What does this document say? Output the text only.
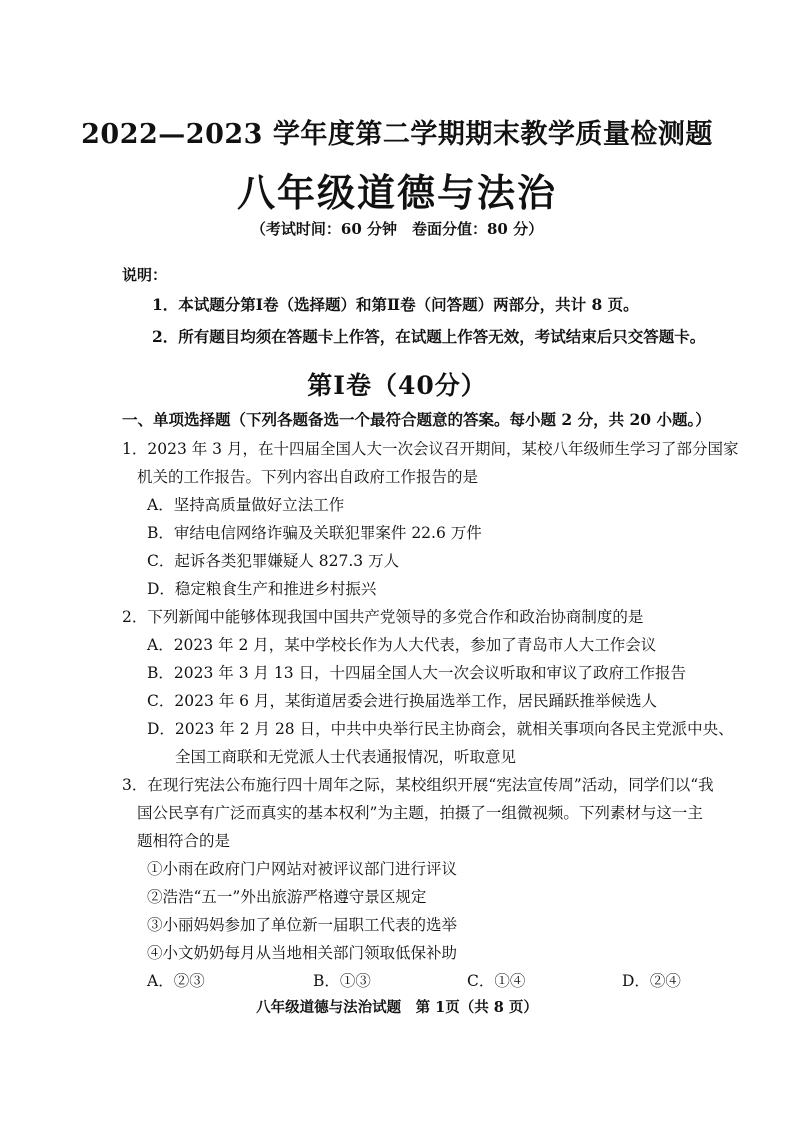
2022—2023 学年度第二学期期末教学质量检测题
八年级道德与法治
（考试时间：60 分钟　卷面分值：80 分）
说明：
1．本试题分第Ⅰ卷（选择题）和第Ⅱ卷（问答题）两部分，共计 8 页。
2．所有题目均须在答题卡上作答，在试题上作答无效，考试结束后只交答题卡。
第Ⅰ卷（40分）
一、单项选择题（下列各题备选一个最符合题意的答案。每小题 2 分，共 20 小题。）
1．2023 年 3 月，在十四届全国人大一次会议召开期间，某校八年级师生学习了部分国家
机关的工作报告。下列内容出自政府工作报告的是
A．坚持高质量做好立法工作
B．审结电信网络诈骗及关联犯罪案件 22.6 万件
C．起诉各类犯罪嫌疑人 827.3 万人
D．稳定粮食生产和推进乡村振兴
2．下列新闻中能够体现我国中国共产党领导的多党合作和政治协商制度的是
A．2023 年 2 月，某中学校长作为人大代表，参加了青岛市人大工作会议
B．2023 年 3 月 13 日，十四届全国人大一次会议听取和审议了政府工作报告
C．2023 年 6 月，某街道居委会进行换届选举工作，居民踊跃推举候选人
D．2023 年 2 月 28 日，中共中央举行民主协商会，就相关事项向各民主党派中央、
全国工商联和无党派人士代表通报情况，听取意见
3．在现行宪法公布施行四十周年之际，某校组织开展“宪法宣传周”活动，同学们以“我
国公民享有广泛而真实的基本权利”为主题，拍摄了一组微视频。下列素材与这一主
题相符合的是
①小雨在政府门户网站对被评议部门进行评议
②浩浩“五一”外出旅游严格遵守景区规定
③小丽妈妈参加了单位新一届职工代表的选举
④小文奶奶每月从当地相关部门领取低保补助
A．②③	B．①③	C．①④	D．②④
八年级道德与法治试题　第 1页（共 8 页）
